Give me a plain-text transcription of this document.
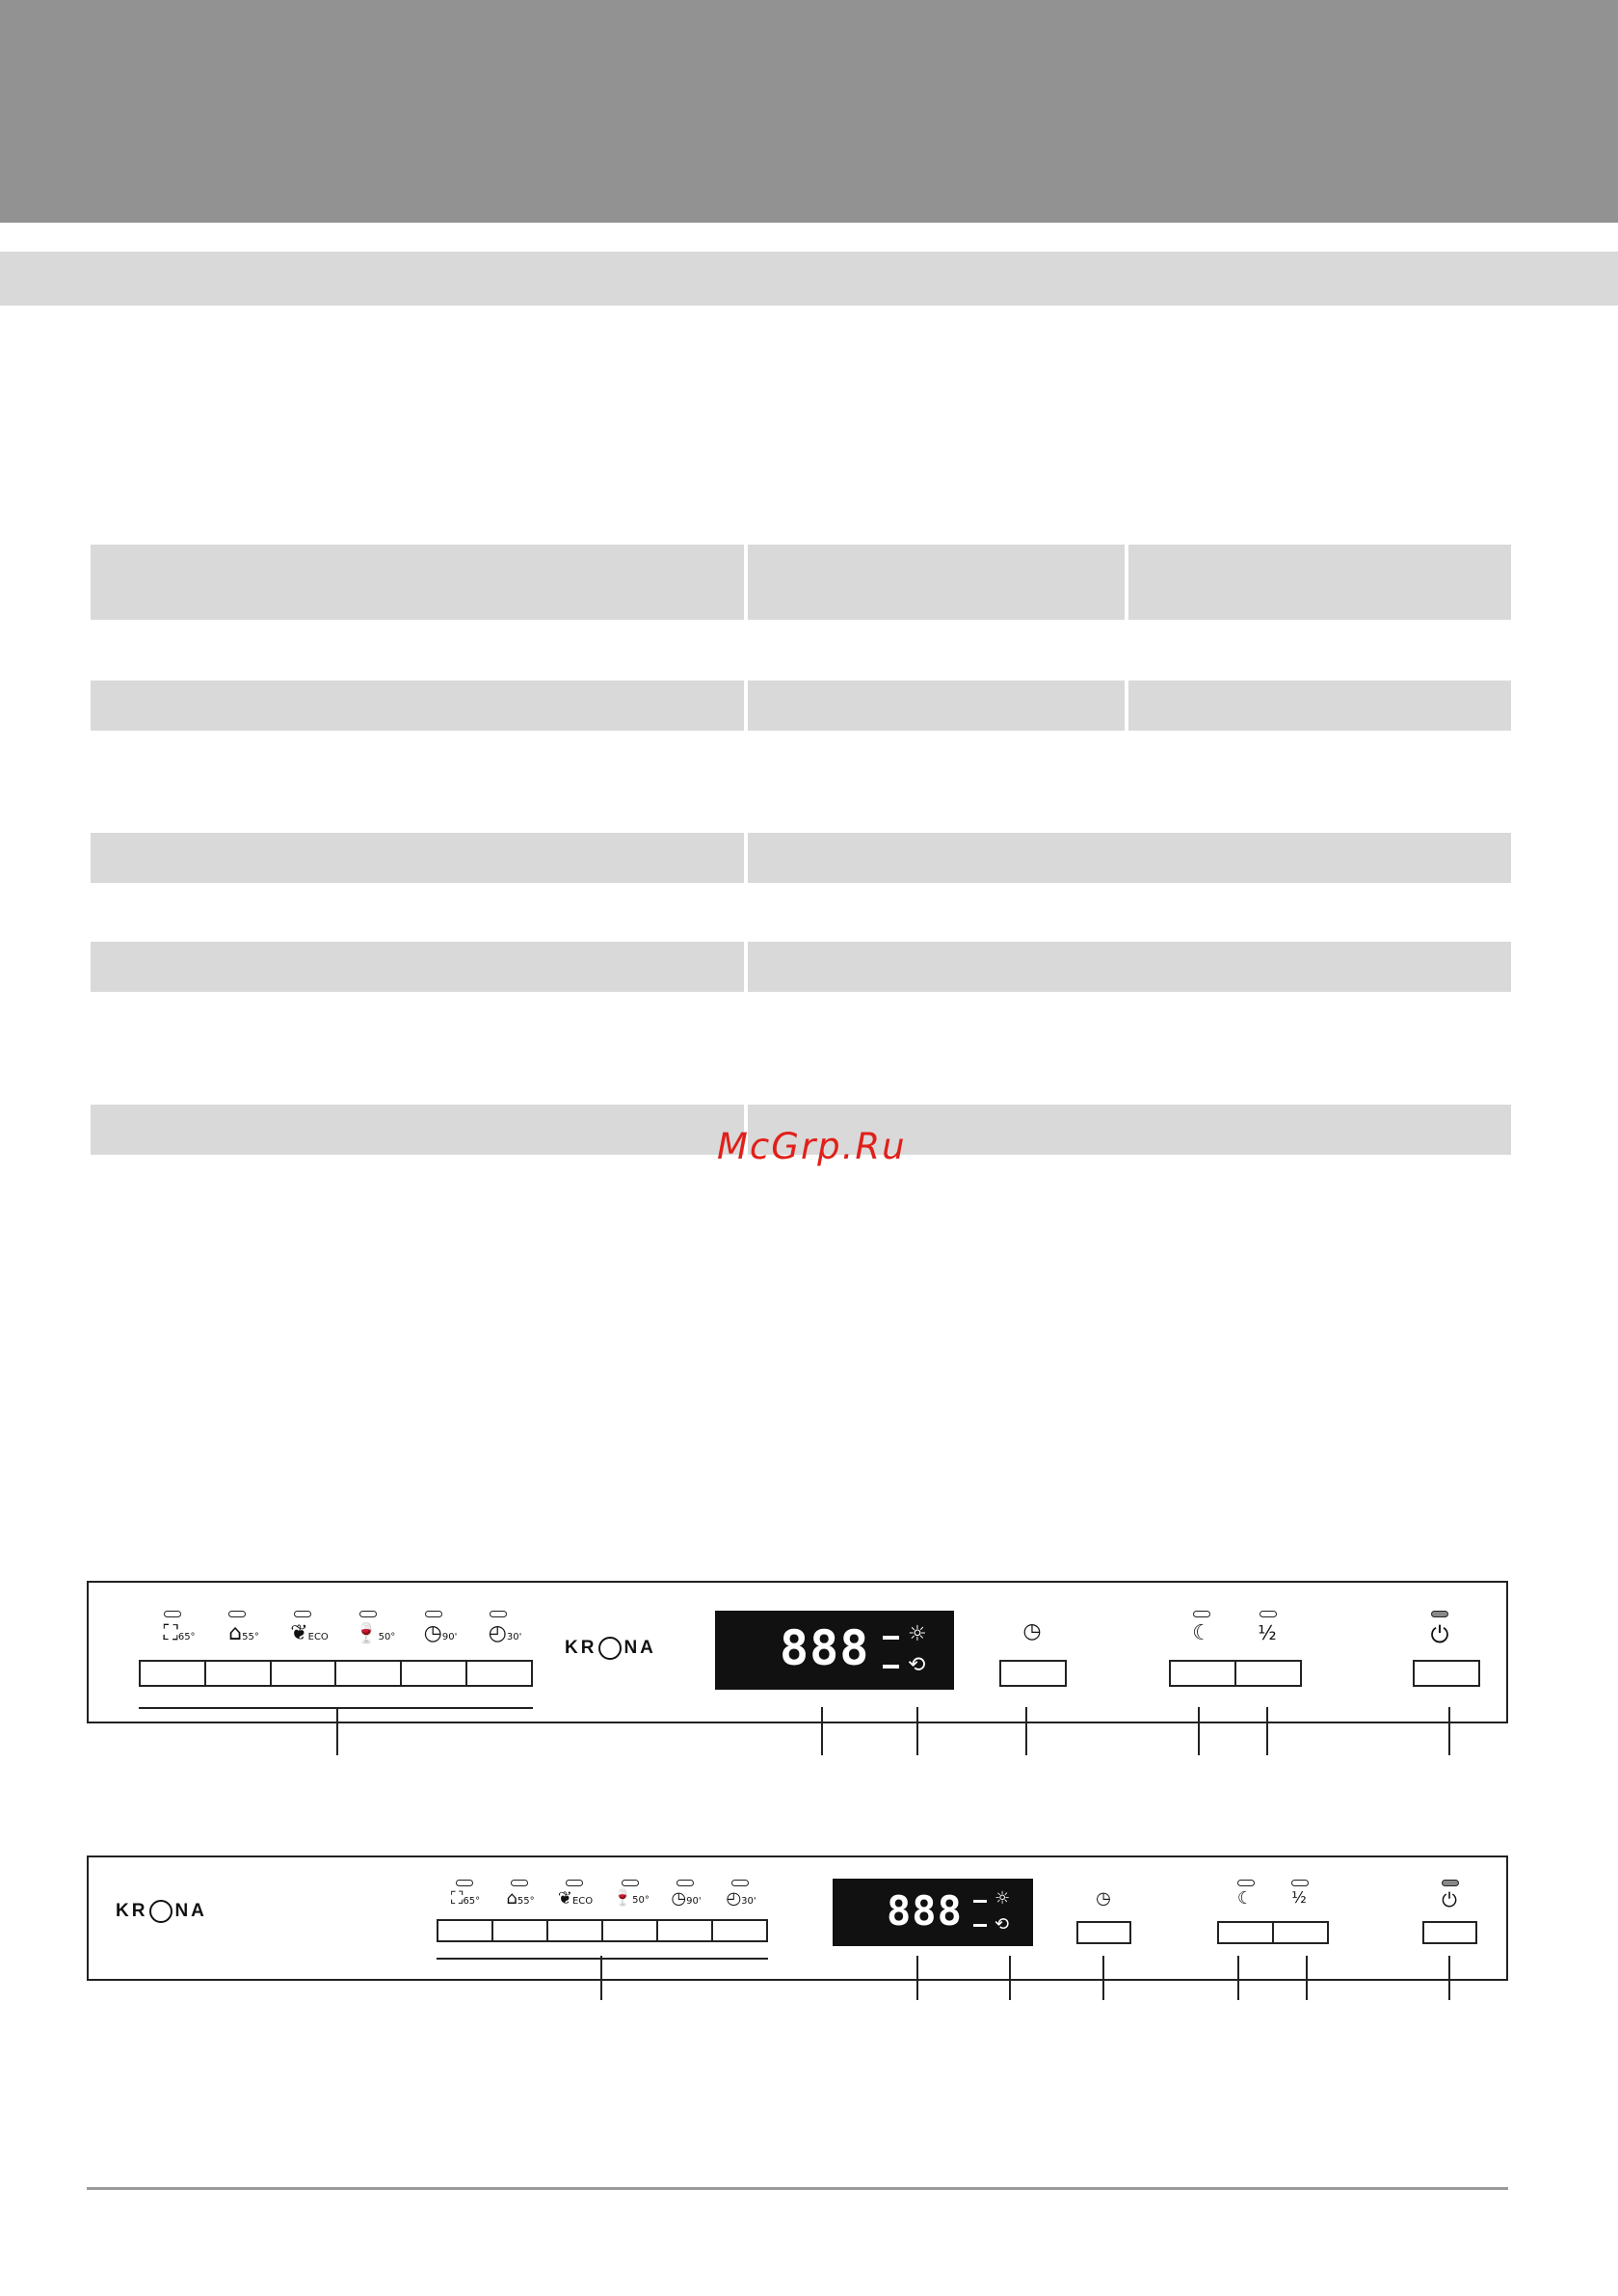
McGrp.Ru
⛶65°	⌂55°	❦ECO	🍷50°	◷90'	◴30'
KR NA	888 ☼
⟲
◷	☾ ½	⏻
KR NA
⛶65°	⌂55°	❦ECO	🍷50°	◷90'	◴30'	888 ☼
⟲
◷	☾	½	⏻
